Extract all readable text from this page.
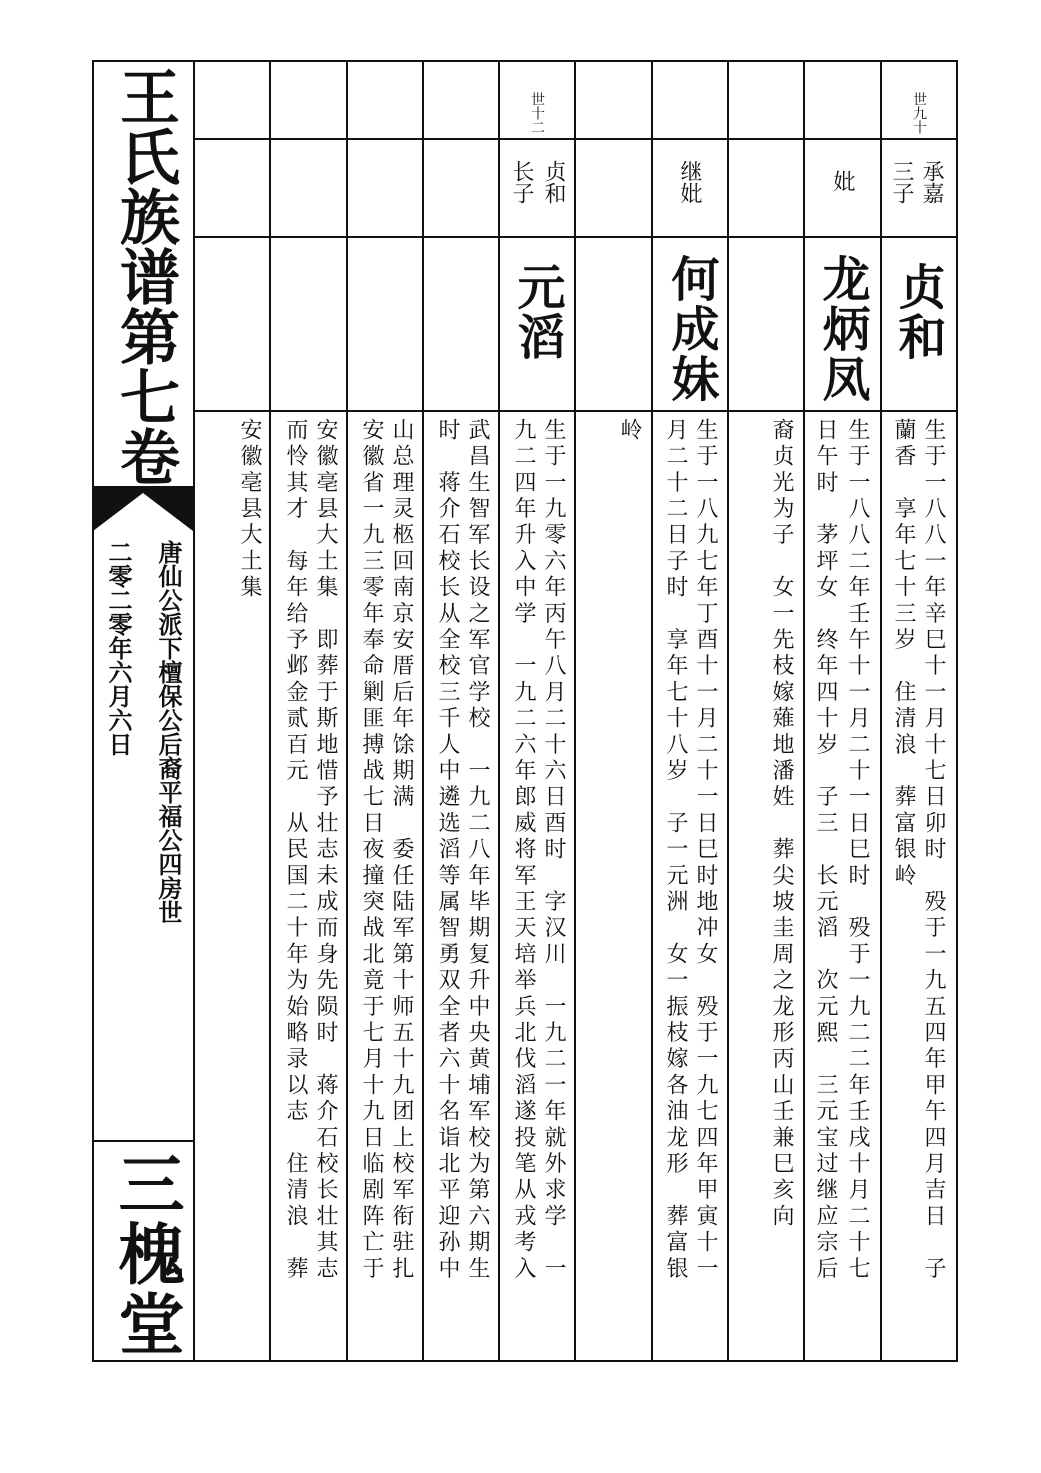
王氏族谱第七卷
唐仙公派下檀保公后裔平福公四房世
二零二零年六月六日
三槐堂
世九十
承嘉
三子
贞和
生于一八八一年辛巳十一月十七日卯时　殁于一九五四年甲午四月吉日　子
蘭香　享年七十三岁　住清浪　葬富银岭
妣
龙炳凤
生于一八八二年壬午十一月二十一日巳时　殁于一九二二年壬戌十月二十七
日午时　茅坪女　终年四十岁　子三　长元滔　次元熙　三元宝过继应宗后
裔贞光为子　女一先枝嫁薙地潘姓　葬尖坡圭周之龙形丙山壬兼巳亥向
继妣
何成妹
生于一八九七年丁酉十一月二十一日巳时地冲女　殁于一九七四年甲寅十一
月二十二日子时　享年七十八岁　子一元洲　女一振枝嫁各油龙形　葬富银
岭
世十二
贞和
长子
元滔
生于一九零六年丙午八月二十六日酉时　字汉川　一九二一年就外求学　一
九二四年升入中学　一九二六年郎威将军王天培举兵北伐滔遂投笔从戎考入
武昌生智军长设之军官学校　一九二八年毕期复升中央黄埔军校为第六期生
时　蒋介石校长从全校三千人中遴选滔等属智勇双全者六十名诣北平迎孙中
山总理灵柩回南京安厝后年馀期满　委任陆军第十师五十九团上校军衔驻扎
安徽省一九三零年奉命剿匪搏战七日夜撞突战北竟于七月十九日临剧阵亡于
安徽亳县大土集　即葬于斯地惜予壮志未成而身先陨时　蒋介石校长壮其志
而怜其才　每年给予邺金贰百元　从民国二十年为始略录以志　住清浪　葬
安徽亳县大土集
